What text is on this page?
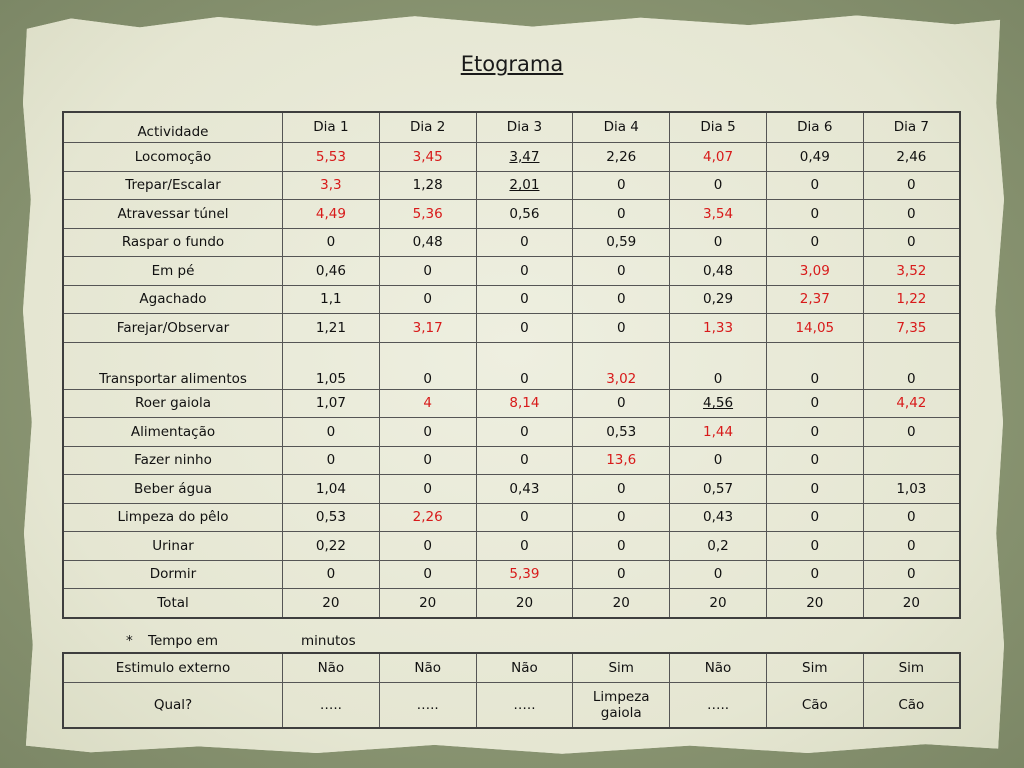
Etograma
Actividade	Dia 1	Dia 2	Dia 3	Dia 4	Dia 5	Dia 6	Dia 7
Locomoção	5,53	3,45	3,47	2,26	4,07	0,49	2,46
Trepar/Escalar	3,3	1,28	2,01	0	0	0	0
Atravessar túnel	4,49	5,36	0,56	0	3,54	0	0
Raspar o fundo	0	0,48	0	0,59	0	0	0
Em pé	0,46	0	0	0	0,48	3,09	3,52
Agachado	1,1	0	0	0	0,29	2,37	1,22
Farejar/Observar	1,21	3,17	0	0	1,33	14,05	7,35
Transportar alimentos	1,05	0	0	3,02	0	0	0
Roer gaiola	1,07	4	8,14	0	4,56	0	4,42
Alimentação	0	0	0	0,53	1,44	0	0
Fazer ninho	0	0	0	13,6	0	0	
Beber água	1,04	0	0,43	0	0,57	0	1,03
Limpeza do pêlo	0,53	2,26	0	0	0,43	0	0
Urinar	0,22	0	0	0	0,2	0	0
Dormir	0	0	5,39	0	0	0	0
Total	20	20	20	20	20	20	20
* Tempo em	minutos
Estimulo externo	Não	Não	Não	Sim	Não	Sim	Sim
Qual?	…..	…..	…..	Limpeza gaiola	…..	Cão	Cão
